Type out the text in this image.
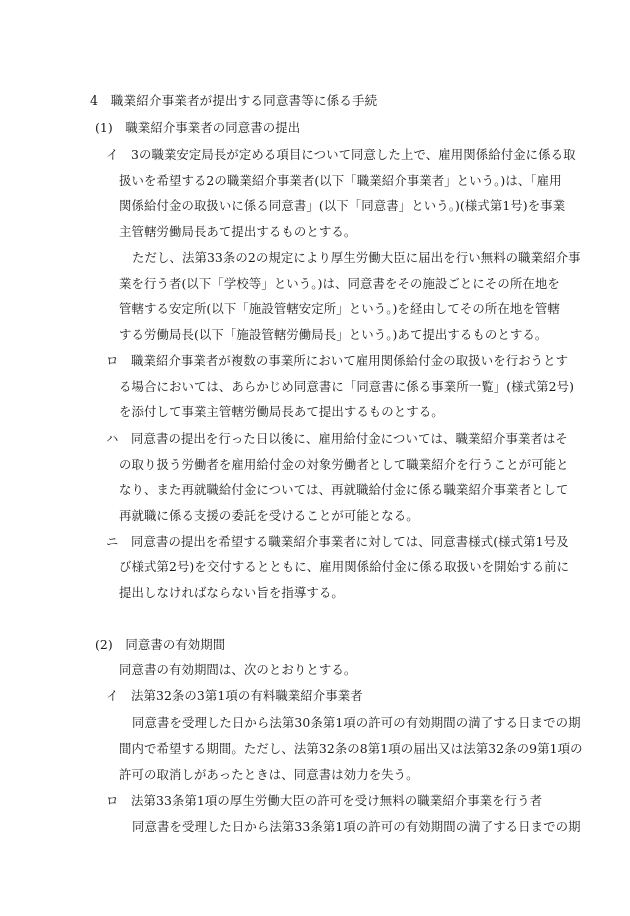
4　職業紹介事業者が提出する同意書等に係る手続
(1)　職業紹介事業者の同意書の提出
イ　3の職業安定局長が定める項目について同意した上で、雇用関係給付金に係る取
扱いを希望する2の職業紹介事業者(以下「職業紹介事業者」という。)は、「雇用
関係給付金の取扱いに係る同意書」(以下「同意書」という。)(様式第1号)を事業
主管轄労働局長あて提出するものとする。
ただし、法第33条の2の規定により厚生労働大臣に届出を行い無料の職業紹介事
業を行う者(以下「学校等」という。)は、同意書をその施設ごとにその所在地を
管轄する安定所(以下「施設管轄安定所」という。)を経由してその所在地を管轄
する労働局長(以下「施設管轄労働局長」という。)あて提出するものとする。
ロ　職業紹介事業者が複数の事業所において雇用関係給付金の取扱いを行おうとす
る場合においては、あらかじめ同意書に「同意書に係る事業所一覧」(様式第2号)
を添付して事業主管轄労働局長あて提出するものとする。
ハ　同意書の提出を行った日以後に、雇用給付金については、職業紹介事業者はそ
の取り扱う労働者を雇用給付金の対象労働者として職業紹介を行うことが可能と
なり、また再就職給付金については、再就職給付金に係る職業紹介事業者として
再就職に係る支援の委託を受けることが可能となる。
ニ　同意書の提出を希望する職業紹介事業者に対しては、同意書様式(様式第1号及
び様式第2号)を交付するとともに、雇用関係給付金に係る取扱いを開始する前に
提出しなければならない旨を指導する。
(2)　同意書の有効期間
同意書の有効期間は、次のとおりとする。
イ　法第32条の3第1項の有料職業紹介事業者
同意書を受理した日から法第30条第1項の許可の有効期間の満了する日までの期
間内で希望する期間。ただし、法第32条の8第1項の届出又は法第32条の9第1項の
許可の取消しがあったときは、同意書は効力を失う。
ロ　法第33条第1項の厚生労働大臣の許可を受け無料の職業紹介事業を行う者
同意書を受理した日から法第33条第1項の許可の有効期間の満了する日までの期
